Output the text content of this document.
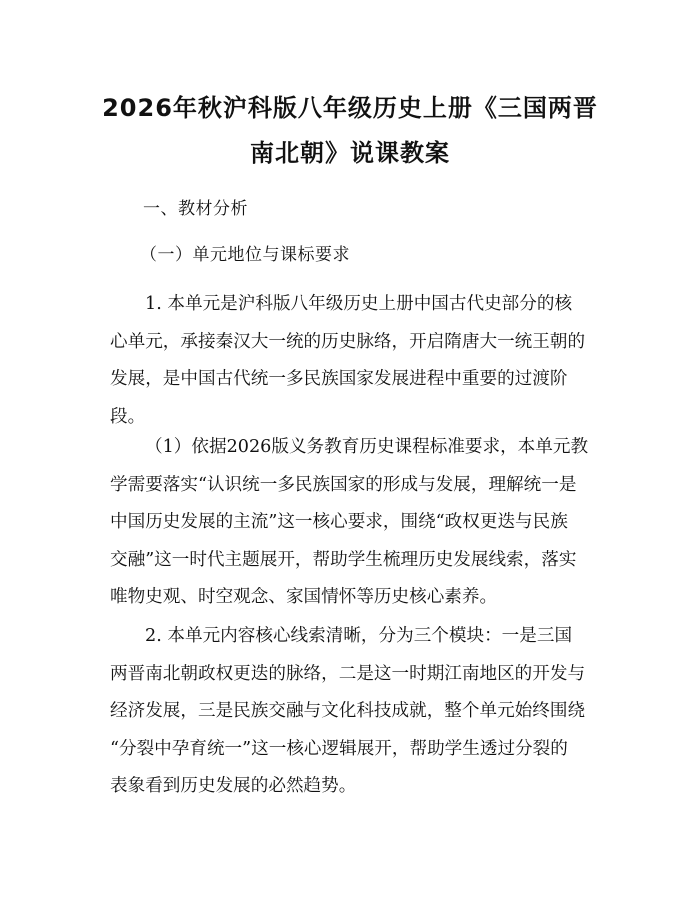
2026年秋沪科版八年级历史上册《三国两晋
南北朝》说课教案
一、教材分析
（一）单元地位与课标要求
1. 本单元是沪科版八年级历史上册中国古代史部分的核
心单元，承接秦汉大一统的历史脉络，开启隋唐大一统王朝的
发展，是中国古代统一多民族国家发展进程中重要的过渡阶
段。
（1）依据2026版义务教育历史课程标准要求，本单元教
学需要落实“认识统一多民族国家的形成与发展，理解统一是
中国历史发展的主流”这一核心要求，围绕“政权更迭与民族
交融”这一时代主题展开，帮助学生梳理历史发展线索，落实
唯物史观、时空观念、家国情怀等历史核心素养。
2. 本单元内容核心线索清晰，分为三个模块：一是三国
两晋南北朝政权更迭的脉络，二是这一时期江南地区的开发与
经济发展，三是民族交融与文化科技成就，整个单元始终围绕
“分裂中孕育统一”这一核心逻辑展开，帮助学生透过分裂的
表象看到历史发展的必然趋势。
